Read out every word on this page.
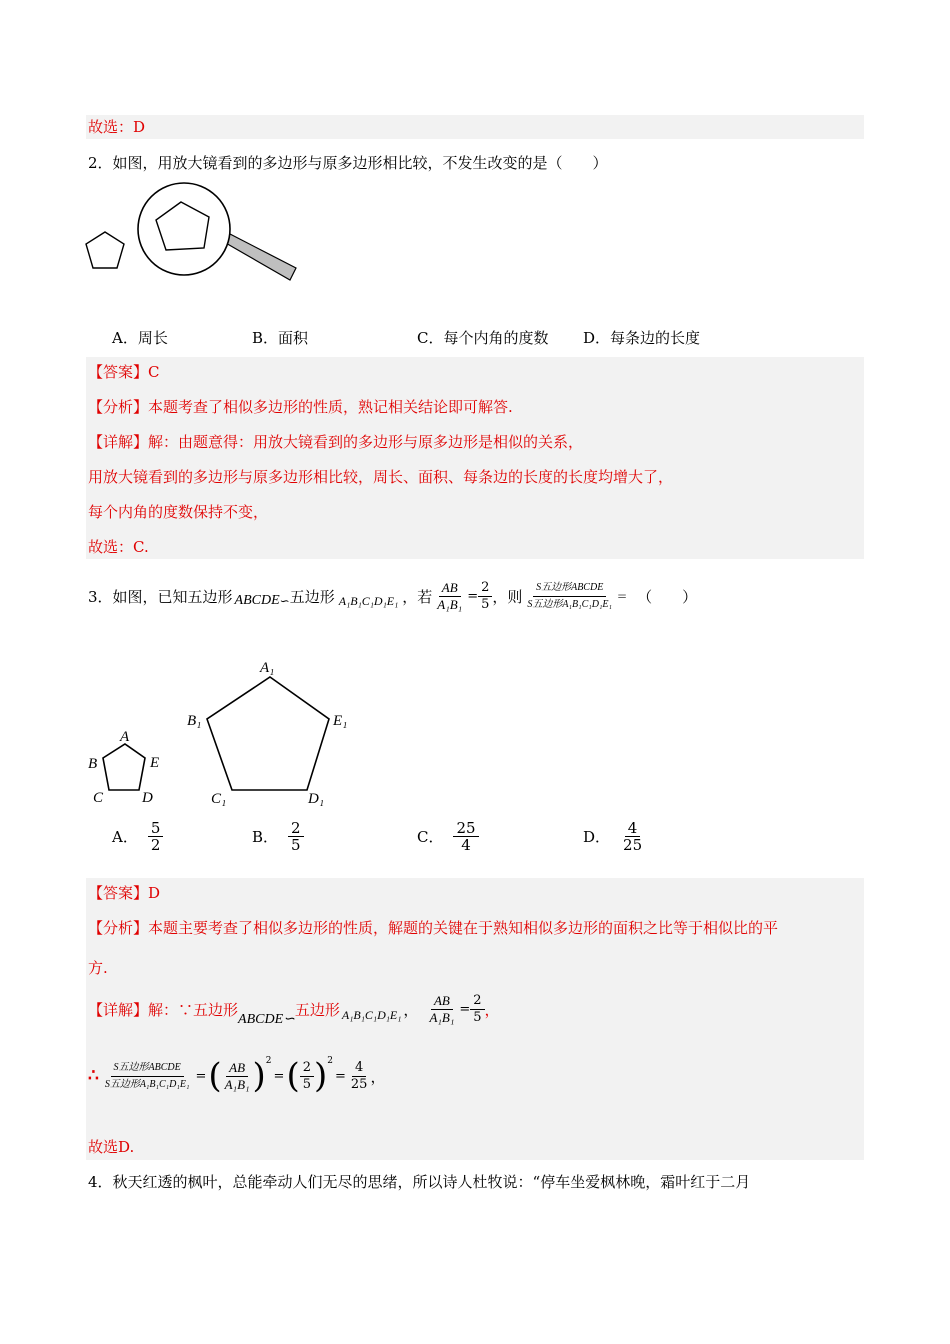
故选：D
2．如图，用放大镜看到的多边形与原多边形相比较，不发生改变的是（　　）
A．周长	B．面积	C．每个内角的度数 D．每条边的长度
【答案】C
【分析】本题考查了相似多边形的性质，熟记相关结论即可解答.
【详解】解：由题意得：用放大镜看到的多边形与原多边形是相似的关系，
用放大镜看到的多边形与原多边形相比较，周长、面积、每条边的长度的长度均增大了，
每个内角的度数保持不变，
故选：C.
3．如图，已知五边形 ABCDE ∽ 五边形 A₁B₁C₁D₁E₁ ，若 $\frac{AB}{\text{A₁B₁}} = \frac{2}{5}$ ，则 $\frac{\text{S五边形ABCDE}}{\text{S五边形A₁B₁C₁D₁E₁}}$ = （　　）
A
B
C	D
E
A₁
B₁
C₁	D₁
E₁
A． $\frac{5}{2}$	B． $\frac{2}{5}$	C． $\frac{25}{4}$	D． $\frac{4}{25}$
【答案】D
【分析】本题主要考查了相似多边形的性质，解题的关键在于熟知相似多边形的面积之比等于相似比的平
方.
【详解】 解：∵五边形
ABCDE∽
五边形 A₁B₁C₁D₁E₁ ， $\frac{AB}{\text{A₁B₁}} = \frac{2}{5}$ ，
∴ $\frac{\text{S五边形ABCDE}}{\text{S五边形A₁B₁C₁D₁E₁}}$ = ( $\frac{AB}{\text{A₁B₁}} )^2$
= ( $\frac{2}{5} )^2$
= $\frac{4}{25}$ ，
故选D.
4．秋天红透的枫叶，总能牵动人们无尽的思绪，所以诗人杜牧说：“停车坐爱枫林晚，霜叶红于二月
